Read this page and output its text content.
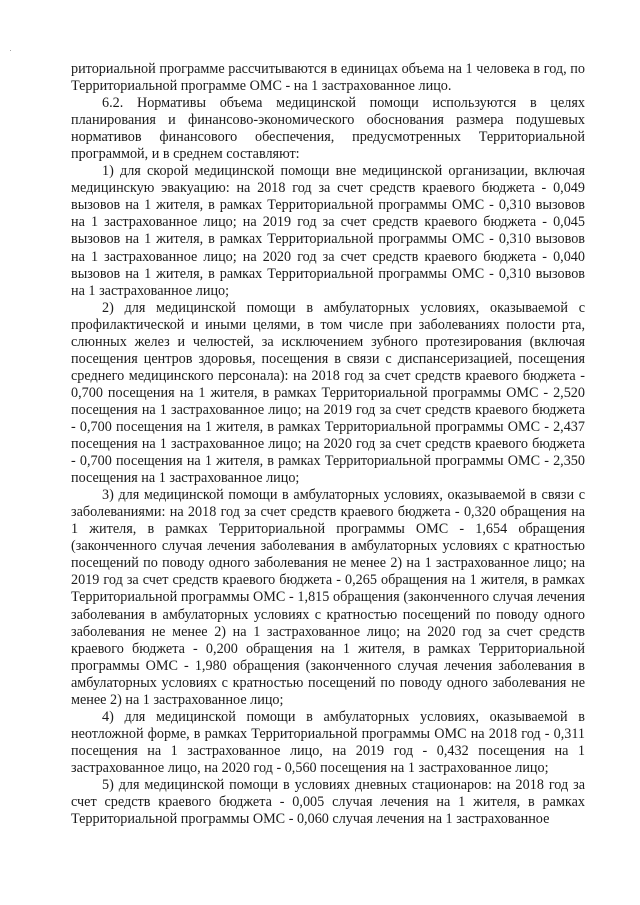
риториальной программе рассчитываются в единицах объема на 1 человека в год, по Территориальной программе ОМС - на 1 застрахованное лицо.

6.2. Нормативы объема медицинской помощи используются в целях планирования и финансово-экономического обоснования размера подушевых нормативов финансового обеспечения, предусмотренных Территориальной программой, и в среднем составляют:

1) для скорой медицинской помощи вне медицинской организации, включая медицинскую эвакуацию: на 2018 год за счет средств краевого бюджета - 0,049 вызовов на 1 жителя, в рамках Территориальной программы ОМС - 0,310 вызовов на 1 застрахованное лицо; на 2019 год за счет средств краевого бюджета - 0,045 вызовов на 1 жителя, в рамках Территориальной программы ОМС - 0,310 вызовов на 1 застрахованное лицо; на 2020 год за счет средств краевого бюджета - 0,040 вызовов на 1 жителя, в рамках Территориальной программы ОМС - 0,310 вызовов на 1 застрахованное лицо;

2) для медицинской помощи в амбулаторных условиях, оказываемой с профилактической и иными целями, в том числе при заболеваниях полости рта, слюнных желез и челюстей, за исключением зубного протезирования (включая посещения центров здоровья, посещения в связи с диспансеризацией, посещения среднего медицинского персонала): на 2018 год за счет средств краевого бюджета - 0,700 посещения на 1 жителя, в рамках Территориальной программы ОМС - 2,520 посещения на 1 застрахованное лицо; на 2019 год за счет средств краевого бюджета - 0,700 посещения на 1 жителя, в рамках Территориальной программы ОМС - 2,437 посещения на 1 застрахованное лицо; на 2020 год за счет средств краевого бюджета - 0,700 посещения на 1 жителя, в рамках Территориальной программы ОМС - 2,350 посещения на 1 застрахованное лицо;

3) для медицинской помощи в амбулаторных условиях, оказываемой в связи с заболеваниями: на 2018 год за счет средств краевого бюджета - 0,320 обращения на 1 жителя, в рамках Территориальной программы ОМС - 1,654 обращения (законченного случая лечения заболевания в амбулаторных условиях с кратностью посещений по поводу одного заболевания не менее 2) на 1 застрахованное лицо; на 2019 год за счет средств краевого бюджета - 0,265 обращения на 1 жителя, в рамках Территориальной программы ОМС - 1,815 обращения (законченного случая лечения заболевания в амбулаторных условиях с кратностью посещений по поводу одного заболевания не менее 2) на 1 застрахованное лицо; на 2020 год за счет средств краевого бюджета - 0,200 обращения на 1 жителя, в рамках Территориальной программы ОМС - 1,980 обращения (законченного случая лечения заболевания в амбулаторных условиях с кратностью посещений по поводу одного заболевания не менее 2) на 1 застрахованное лицо;

4) для медицинской помощи в амбулаторных условиях, оказываемой в неотложной форме, в рамках Территориальной программы ОМС на 2018 год - 0,311 посещения на 1 застрахованное лицо, на 2019 год - 0,432 посещения на 1 застрахованное лицо, на 2020 год - 0,560 посещения на 1 застрахованное лицо;

5) для медицинской помощи в условиях дневных стационаров: на 2018 год за счет средств краевого бюджета - 0,005 случая лечения на 1 жителя, в рамках Территориальной программы ОМС - 0,060 случая лечения на 1 застрахованное
